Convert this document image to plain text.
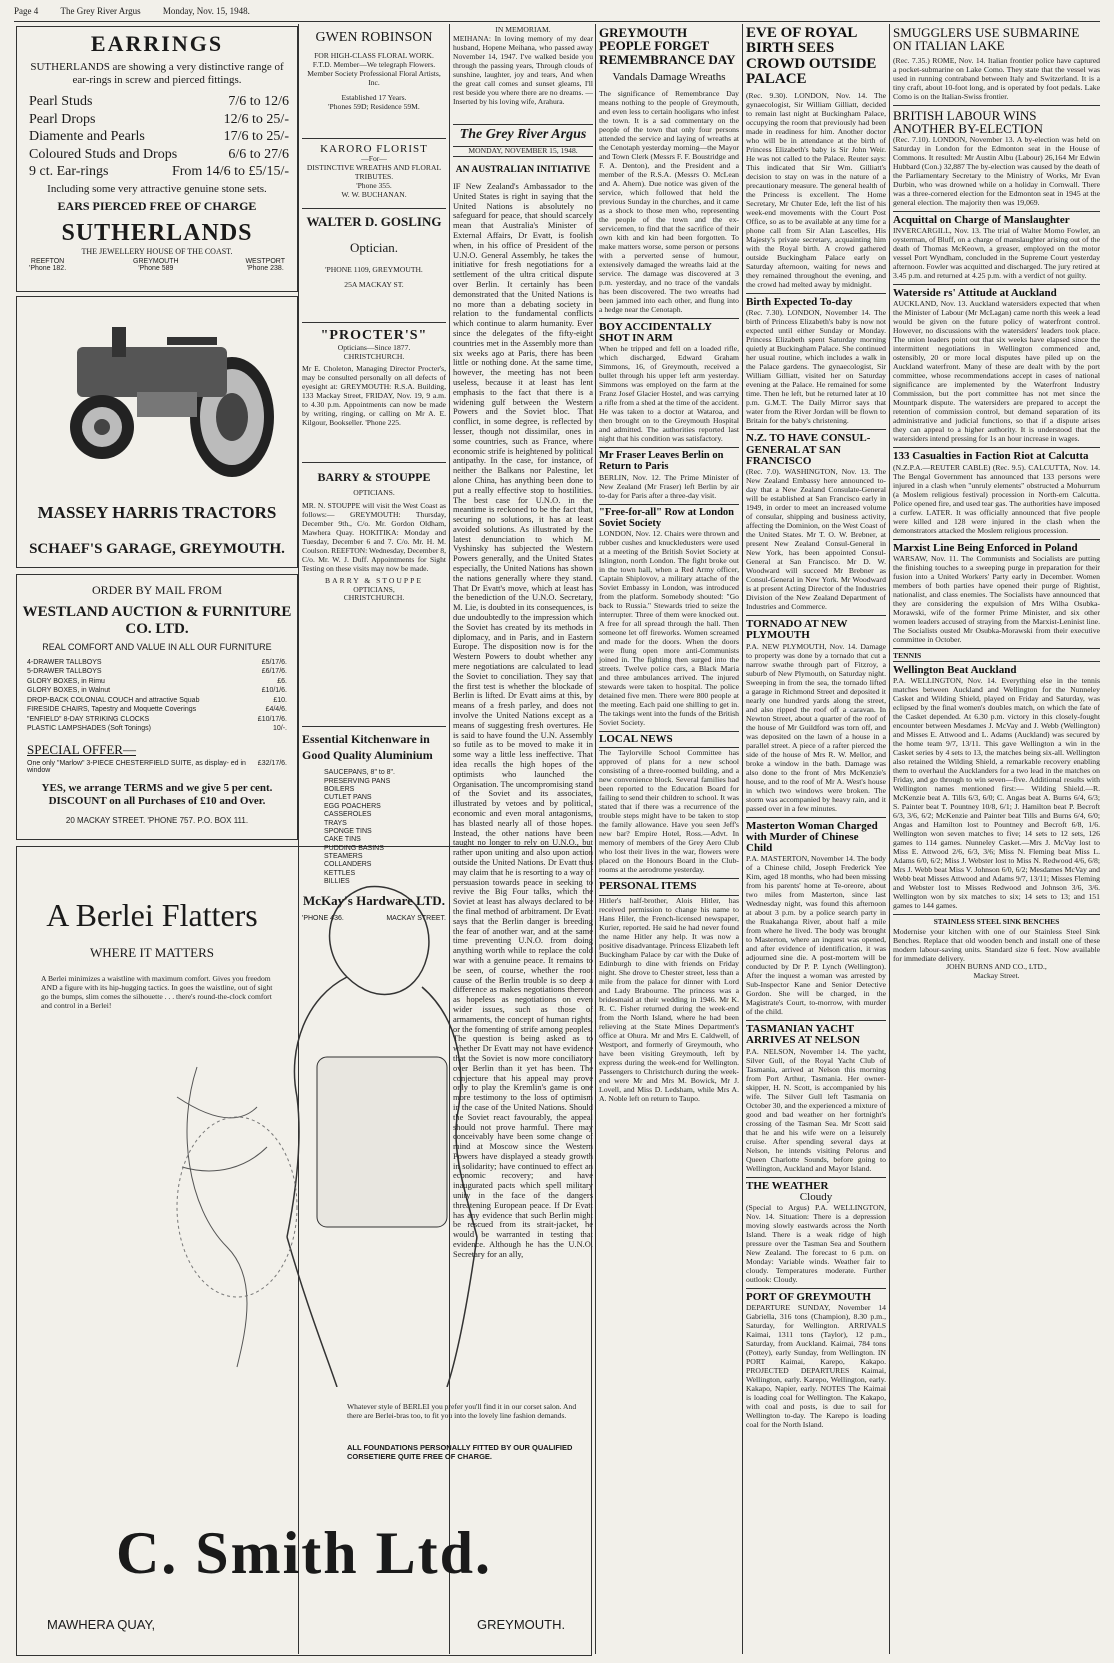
Page 4 The Grey River Argus Monday, Nov. 15, 1948.
EARRINGS
SUTHERLANDS are showing a very distinctive range of ear-rings in screw and pierced fittings.
Pearl Studs	7/6 to 12/6
Pearl Drops	12/6 to 25/-
Diamente and Pearls	17/6 to 25/-
Coloured Studs and Drops	6/6 to 27/6
9 ct. Ear-rings	From 14/6 to £5/15/-
Including some very attractive genuine stone sets.
EARS PIERCED FREE OF CHARGE
SUTHERLANDS
THE JEWELLERY HOUSE OF THE COAST.
REEFTON
'Phone 182.
GREYMOUTH
'Phone 589
WESTPORT
'Phone 238.
MASSEY HARRIS TRACTORS
SCHAEF'S GARAGE, GREYMOUTH.
ORDER BY MAIL FROM
WESTLAND AUCTION & FURNITURE CO. LTD.
REAL COMFORT AND VALUE IN ALL OUR FURNITURE
4-DRAWER TALLBOYS	£5/17/6.
5-DRAWER TALLBOYS	£6/17/6.
GLORY BOXES, in Rimu	£6.
GLORY BOXES, in Walnut	£10/1/6.
DROP-BACK COLONIAL COUCH and attractive Squab	£10.
FIRESIDE CHAIRS, Tapestry and Moquette Coverings	£4/4/6.
"ENFIELD" 8-DAY STRIKING CLOCKS	£10/17/6.
PLASTIC LAMPSHADES (Soft Tonings)	10/-.
SPECIAL OFFER—
One only "Marlow" 3-PIECE CHESTERFIELD SUITE, as display- ed in window
£32/17/6.
YES, we arrange TERMS and we give 5 per cent. DISCOUNT on all Purchases of £10 and Over.
20 MACKAY STREET. 'PHONE 757. P.O. BOX 111.
A Berlei Flatters
WHERE IT MATTERS
A Berlei minimizes a waistline with maximum comfort. Gives you freedom AND a figure with its hip-hugging tactics. In goes the waistline, out of sight go the bumps, slim comes the silhouette . . . there's round-the-clock comfort and control in a Berlei!
Whatever style of BERLEI you prefer you'll find it in our corset salon. And there are Berlei-bras too, to fit you into the lovely line fashion demands.
ALL FOUNDATIONS PERSONALLY FITTED BY OUR QUALIFIED CORSETIERE QUITE FREE OF CHARGE.
C. Smith Ltd.
MAWHERA QUAY,	GREYMOUTH.
GWEN ROBINSON
FOR HIGH-CLASS FLORAL WORK.
F.T.D. Member—We telegraph Flowers.
Member Society Professional Floral Artists, Inc.
Established 17 Years.
'Phones 59D; Residence 59M.
KARORO FLORIST
—For—
DISTINCTIVE WREATHS AND FLORAL TRIBUTES.
'Phone 355.
W. W. BUCHANAN.
WALTER D. GOSLING
Optician.
'PHONE 1109, GREYMOUTH.
25A MACKAY ST.
"PROCTER'S"
Opticians—Since 1877.
CHRISTCHURCH.
Mr E. Choleton, Managing Director Procter's, may be consulted personally on all defects of eyesight at: GREYMOUTH: R.S.A. Building, 133 Mackay Street, FRIDAY, Nov. 19, 9 a.m. to 4.30 p.m. Appointments can now be made by writing, ringing, or calling on Mr A. E. Kilgour, Bookseller. 'Phone 225.
BARRY & STOUPPE
OPTICIANS.
MR. N. STOUPPE will visit the West Coast as follows:— GREYMOUTH: Thursday, December 9th., C/o. Mr. Gordon Oldham, Mawhera Quay. HOKITIKA: Monday and Tuesday, December 6 and 7. C/o. Mr. H. M. Coulson. REEFTON: Wednesday, December 8, C/o. Mr. W. J. Duff. Appointments for Sight Testing on these visits may now be made.
BARRY & STOUPPE
OPTICIANS,
CHRISTCHURCH.
Essential Kitchenware in Good Quality Aluminium
SAUCEPANS, 8" to 8".
PRESERVING PANS
BOILERS
CUTLET PANS
EGG POACHERS
CASSEROLES
TRAYS
SPONGE TINS
CAKE TINS
PUDDING BASINS
STEAMERS
COLLANDERS
KETTLES
BILLIES
McKay's Hardware LTD.
'PHONE 436.	MACKAY STREET.
IN MEMORIAM.
MEIHANA: In loving memory of my dear husband, Hopene Meihana, who passed away November 14, 1947. I've walked beside you through the passing years, Through clouds of sunshine, laughter, joy and tears, And when the great call comes and sunset gleams, I'll rest beside you where there are no dreams. —Inserted by his loving wife, Arahura.
The Grey River Argus
MONDAY, NOVEMBER 15, 1948.
AN AUSTRALIAN INITIATIVE
IF New Zealand's Ambassador to the United States is right in saying that the United Nations is absolutely no safeguard for peace, that should scarcely mean that Australia's Minister of External Affairs, Dr Evatt, is foolish when, in his office of President of the U.N.O. General Assembly, he takes the initiative for fresh negotiations for a settlement of the ultra critical dispute over Berlin. It certainly has been demonstrated that the United Nations is no more than a debating society in relation to the fundamental conflicts which continue to alarm humanity. Ever since the delegates of the fifty-eight countries met in the Assembly more than six weeks ago at Paris, there has been little or nothing done. At the same time, however, the meeting has not been useless, because it at least has lent emphasis to the fact that there is a widening gulf between the Western Powers and the Soviet bloc. That conflict, in some degree, is reflected by lesser, though not dissimilar, ones in some countries, such as France, where economic strife is heightened by political antipathy. In the case, for instance, of neither the Balkans nor Palestine, let alone China, has anything been done to put a really effective stop to hostilities. The best case for U.N.O. in the meantime is reckoned to be the fact that, securing no solutions, it has at least avoided solutions. As illustrated by the latest denunciation to which M. Vyshinsky has subjected the Western Powers generally, and the United States especially, the United Nations has shown the nations generally where they stand. That Dr Evatt's move, which at least has the benediction of the U.N.O. Secretary, M. Lie, is doubted in its consequences, is due undoubtedly to the impression which the Soviet has created by its methods in diplomacy, and in Paris, and in Eastern Europe. The disposition now is for the Western Powers to doubt whether any mere negotiations are calculated to lead the Soviet to conciliation. They say that the first test is whether the blockade of Berlin is lifted. Dr Evatt aims at this, by means of a fresh parley, and does not involve the United Nations except as a means of suggesting fresh overtures. He is said to have found the U.N. Assembly so futile as to be moved to make it in some way a little less ineffective. That idea recalls the high hopes of the optimists who launched the Organisation. The uncompromising stand of the Soviet and its associates, illustrated by vetoes and by political, economic and even moral antagonisms, has blasted nearly all of those hopes. Instead, the other nations have been taught no longer to rely on U.N.O., but rather upon uniting and also upon action outside the United Nations. Dr Evatt thus may claim that he is resorting to a way of persuasion towards peace in seeking to revive the Big Four talks, which the Soviet at least has always declared to be the final method of arbitrament. Dr Evatt says that the Berlin danger is breeding the fear of another war, and at the same time preventing U.N.O. from doing anything worth while to replace the cold war with a genuine peace. It remains to be seen, of course, whether the root cause of the Berlin trouble is so deep a difference as makes negotiations thereon as hopeless as negotiations on even wider issues, such as those of armaments, the concept of human rights, or the fomenting of strife among peoples. The question is being asked as to whether Dr Evatt may not have evidence that the Soviet is now more conciliatory over Berlin than it yet has been. The conjecture that his appeal may prove only to play the Kremlin's game is one more testimony to the loss of optimism in the case of the United Nations. Should the Soviet react favourably, the appeal should not prove harmful. There may conceivably have been some change of mind at Moscow since the Western Powers have displayed a steady growth in solidarity; have continued to effect an economic recovery; and have inaugurated pacts which spell military unity in the face of the dangers threatening European peace. If Dr Evatt has any evidence that such Berlin might be rescued from its strait-jacket, he would be warranted in testing that evidence. Although he has the U.N.O. Secretary for an ally,
GREYMOUTH PEOPLE FORGET REMEMBRANCE DAY
Vandals Damage Wreaths
The significance of Remembrance Day means nothing to the people of Greymouth, and even less to certain hooligans who infest the town. It is a sad commentary on the people of the town that only four persons attended the service and laying of wreaths at the Cenotaph yesterday morning—the Mayor and Town Clerk (Messrs F. F. Boustridge and F. A. Denton), and the President and a member of the R.S.A. (Messrs O. McLean and A. Ahern). Due notice was given of the service, which followed that held the previous Sunday in the churches, and it came as a shock to those men who, representing the people of the town and the ex-servicemen, to find that the sacrifice of their own kith and kin had been forgotten. To make matters worse, some person or persons with a perverted sense of humour, extensively damaged the wreaths laid at the service. The damage was discovered at 3 p.m. yesterday, and no trace of the vandals has been discovered. The two wreaths had been jammed into each other, and flung into a hedge near the Cenotaph.
BOY ACCIDENTALLY SHOT IN ARM
When he tripped and fell on a loaded rifle, which discharged, Edward Graham Simmons, 16, of Greymouth, received a bullet through his upper left arm yesterday. Simmons was employed on the farm at the Franz Josef Glacier Hostel, and was carrying a rifle from a shed at the time of the accident. He was taken to a doctor at Wataroa, and then brought on to the Greymouth Hospital and admitted. The authorities reported last night that his condition was satisfactory.
Mr Fraser Leaves Berlin on Return to Paris
BERLIN, Nov. 12. The Prime Minister of New Zealand (Mr Fraser) left Berlin by air to-day for Paris after a three-day visit.
"Free-for-all" Row at London Soviet Society
LONDON, Nov. 12. Chairs were thrown and rubber cushes and knuckledusters were used at a meeting of the British Soviet Society at Islington, north London. The fight broke out in the town hall, when a Red Army officer, Captain Shiplovov, a military attache of the Soviet Embassy in London, was introduced from the platform. Somebody shouted: "Go back to Russia." Stewards tried to seize the interrupter. Three of them were knocked out. A free for all spread through the hall. Then someone let off fireworks. Women screamed and made for the doors. When the doors were flung open more anti-Communists joined in. The fighting then surged into the streets. Twelve police cars, a Black Maria and three ambulances arrived. The injured stewards were taken to hospital. The police detained five men. There were 800 people at the meeting. Each paid one shilling to get in. The takings went into the funds of the British Soviet Society.
LOCAL NEWS
The Taylorville School Committee has approved of plans for a new school consisting of a three-roomed building, and a new convenience block. Several families had been reported to the Education Board for failing to send their children to school. It was stated that if there was a recurrence of the trouble steps might have to be taken to stop the family allowance. Have you seen Jeff's new bar? Empire Hotel, Ross.—Advt. In memory of members of the Grey Aero Club who lost their lives in the war, flowers were placed on the Honours Board in the Club-rooms at the aerodrome yesterday.
PERSONAL ITEMS
Hitler's half-brother, Alois Hitler, has received permission to change his name to Hans Hiler, the French-licensed newspaper, Kurier, reported. He said he had never found the name Hitler any help. It was now a positive disadvantage. Princess Elizabeth left Buckingham Palace by car with the Duke of Edinburgh to dine with friends on Friday night. She drove to Chester street, less than a mile from the palace for dinner with Lord and Lady Brabourne. The princess was a bridesmaid at their wedding in 1946. Mr K. R. C. Fisher returned during the week-end from the North Island, where he had been relieving at the State Mines Department's office at Ohura. Mr and Mrs E. Caldwell, of Westport, and formerly of Greymouth, who have been visiting Greymouth, left by express during the week-end for Wellington. Passengers to Christchurch during the week-end were Mr and Mrs M. Bowick, Mr J. Lovell, and Miss D. Ledsham, while Mrs A. A. Noble left on return to Taupo.
EVE OF ROYAL BIRTH SEES CROWD OUTSIDE PALACE
(Rec. 9.30). LONDON, Nov. 14. The gynaecologist, Sir William Gilliatt, decided to remain last night at Buckingham Palace, occupying the room that previously had been made in readiness for him. Another doctor who will be in attendance at the birth of Princess Elizabeth's baby is Sir John Weir. He was not called to the Palace. Reuter says: This indicated that Sir Wm. Gilliatt's decision to stay on was in the nature of a precautionary measure. The general health of the Princess is excellent. The Home Secretary, Mr Chuter Ede, left the list of his week-end movements with the Court Post Office, so as to be available at any time for a phone call from Sir Alan Lascelles, His Majesty's private secretary, acquainting him with the Royal birth. A crowd gathered outside Buckingham Palace early on Saturday afternoon, waiting for news and they remained throughout the evening, and the crowd had melted away by midnight.
Birth Expected To-day
(Rec. 7.30). LONDON, November 14. The birth of Princess Elizabeth's baby is now not expected until either Sunday or Monday. Princess Elizabeth spent Saturday morning quietly at Buckingham Palace. She continued her usual routine, which includes a walk in the Palace gardens. The gynaecologist, Sir William Gilliatt, visited her on Saturday evening at the Palace. He remained for some time. Then he left, but he returned later at 10 p.m. G.M.T. The Daily Mirror says that water from the River Jordan will be flown to Britain for the baby's christening.
N.Z. TO HAVE CONSUL-GENERAL AT SAN FRANCISCO
(Rec. 7.0). WASHINGTON, Nov. 13. The New Zealand Embassy here announced to-day that a New Zealand Consulate-General will be established at San Francisco early in 1949, in order to meet an increased volume of consular, shipping and business activity, affecting the Dominion, on the West Coast of the United States. Mr T. O. W. Brebner, at present New Zealand Consul-General in New York, has been appointed Consul-General at San Francisco. Mr D. W. Woodward will succeed Mr Brebner as Consul-General in New York. Mr Woodward is at present Acting Director of the Industries Division of the New Zealand Department of Industries and Commerce.
TORNADO AT NEW PLYMOUTH
P.A. NEW PLYMOUTH, Nov. 14. Damage to property was done by a tornado that cut a narrow swathe through part of Fitzroy, a suburb of New Plymouth, on Saturday night. Sweeping in from the sea, the tornado lifted a garage in Richmond Street and deposited it nearly one hundred yards along the street, and also ripped the roof off a caravan. In Newton Street, about a quarter of the roof of the house of Mr Guildford was torn off, and was deposited on the lawn of a house in a parallel street. A piece of a rafter pierced the side of the house of Mrs R. W. Mellor, and broke a window in the bath. Damage was also done to the front of Mrs McKenzie's house, and to the roof of Mr A. West's house in which two windows were broken. The storm was accompanied by heavy rain, and it passed over in a few minutes.
Masterton Woman Charged with Murder of Chinese Child
P.A. MASTERTON, November 14. The body of a Chinese child, Joseph Frederick Yee Kim, aged 18 months, who had been missing from his parents' home at Te-oreore, about two miles from Masterton, since last Wednesday night, was found this afternoon at about 3 p.m. by a police search party in the Ruakahanga River, about half a mile from where he lived. The body was brought to Masterton, where an inquest was opened, and after evidence of identification, it was adjourned sine die. A post-mortem will be conducted by Dr P. P. Lynch (Wellington). After the inquest a woman was arrested by Sub-Inspector Kane and Senior Detective Gordon. She will be charged, in the Magistrate's Court, to-morrow, with murder of the child.
TASMANIAN YACHT ARRIVES AT NELSON
P.A. NELSON, November 14. The yacht, Silver Gull, of the Royal Yacht Club of Tasmania, arrived at Nelson this morning from Port Arthur, Tasmania. Her owner-skipper, H. N. Scott, is accompanied by his wife. The Silver Gull left Tasmania on October 30, and the experienced a mixture of good and bad weather on her fortnight's crossing of the Tasman Sea. Mr Scott said that he and his wife were on a leisurely cruise. After spending several days at Nelson, he intends visiting Pelorus and Queen Charlotte Sounds, before going to Wellington, Auckland and Mayor Island.
THE WEATHER
Cloudy
(Special to Argus) P.A. WELLINGTON, Nov. 14. Situation: There is a depression moving slowly eastwards across the North Island. There is a weak ridge of high pressure over the Tasman Sea and Southern New Zealand. The forecast to 6 p.m. on Monday: Variable winds. Weather fair to cloudy. Temperatures moderate. Further outlook: Cloudy.
PORT OF GREYMOUTH
DEPARTURE SUNDAY, November 14 Gabriella, 316 tons (Champion), 8.30 p.m., Saturday, for Wellington. ARRIVALS Kaimai, 1311 tons (Taylor), 12 p.m., Saturday, from Auckland. Kaimai, 784 tons (Pottey), early Sunday, from Wellington. IN PORT Kaimai, Karepo, Kakapo. PROJECTED DEPARTURES Kaimai, Wellington, early. Karepo, Wellington, early. Kakapo, Napier, early. NOTES The Kaimai is loading coal for Wellington. The Kakapo, with coal and posts, is due to sail for Wellington to-day. The Karepo is loading coal for the North Island.
SMUGGLERS USE SUBMARINE ON ITALIAN LAKE
(Rec. 7.35.) ROME, Nov. 14. Italian frontier police have captured a pocket-submarine on Lake Como. They state that the vessel was used in running contraband between Italy and Switzerland. It is a tiny craft, about 10-foot long, and is operated by foot pedals. Lake Como is on the Italian-Swiss frontier.
BRITISH LABOUR WINS ANOTHER BY-ELECTION
(Rec. 7.10). LONDON, November 13. A by-election was held on Saturday in London for the Edmonton seat in the House of Commons. It resulted: Mr Austin Albu (Labour) 26,164 Mr Edwin Hubbard (Con.) 32,887 The by-election was caused by the death of the Parliamentary Secretary to the Ministry of Works, Mr Evan Durbin, who was drowned while on a holiday in Cornwall. There was a three-cornered election for the Edmonton seat in 1945 at the general election. The majority then was 19,069.
Acquittal on Charge of Manslaughter
INVERCARGILL, Nov. 13. The trial of Walter Momo Fowler, an oysterman, of Bluff, on a charge of manslaughter arising out of the death of Thomas McKeown, a greaser, employed on the motor vessel Port Wyndham, concluded in the Supreme Court yesterday afternoon. Fowler was acquitted and discharged. The jury retired at 3.45 p.m. and returned at 4.25 p.m. with a verdict of not guilty.
Waterside rs' Attitude at Auckland
AUCKLAND, Nov. 13. Auckland watersiders expected that when the Minister of Labour (Mr McLagan) came north this week a lead would be given on the future policy of waterfront control. However, no discussions with the watersiders' leaders took place. The union leaders point out that six weeks have elapsed since the intermittent negotiations in Wellington commenced and, ostensibly, 20 or more local disputes have piled up on the Auckland waterfront. Many of these are dealt with by the port committee, whose recommendations accept in cases of national significance are implemented by the Waterfront Industry Commission, but the port committee has not met since the Mountpark dispute. The watersiders are prepared to accept the retention of commission control, but demand separation of its administrative and judicial functions, so that if a dispute arises they can appeal to a higher authority. It is understood that the watersiders intend pressing for 1s an hour increase in wages.
133 Casualties in Faction Riot at Calcutta
(N.Z.P.A.—REUTER CABLE) (Rec. 9.5). CALCUTTA, Nov. 14. The Bengal Government has announced that 133 persons were injured in a clash when "unruly elements" obstructed a Mohurrum (a Moslem religious festival) procession in North-ern Calcutta. Police opened fire, and used tear gas. The authorities have imposed a curfew. LATER. It was officially announced that five people were killed and 128 were injured in the clash when the demonstrators attacked the Moslem religious procession.
Marxist Line Being Enforced in Poland
WARSAW, Nov. 11. The Communists and Socialists are putting the finishing touches to a sweeping purge in preparation for their fusion into a United Workers' Party early in December. Women members of both parties have opened their purge of Rightist, nationalist, and class enemies. The Socialists have announced that they are considering the expulsion of Mrs Wilha Osubka-Morawski, wife of the former Prime Minister, and six other women leaders accused of straying from the Marxist-Leninist line. The Socialists ousted Mr Osubka-Morawski from their executive committee in October.
TENNIS
Wellington Beat Auckland
P.A. WELLINGTON, Nov. 14. Everything else in the tennis matches between Auckland and Wellington for the Nunneley Casket and Wilding Shield, played on Friday and Saturday, was eclipsed by the final women's doubles match, on which the fate of the Casket depended. At 6.30 p.m. victory in this closely-fought encounter between Mesdames J. McVay and J. Webb (Wellington) and Misses E. Attwood and L. Adams (Auckland) was secured by the home team 9/7, 13/11. This gave Wellington a win in the Casket series by 4 sets to 13, the matches being six-all. Wellington also retained the Wilding Shield, a remarkable recovery enabling them to overhaul the Aucklanders for a two lead in the matches on Friday, and go through to win seven—five. Additional results with Wellington names mentioned first:— Wilding Shield.—R. McKenzie beat A. Tills 6/3, 6/0; C. Angas beat A. Burns 6/4, 6/3; S. Painter beat T. Pountney 10/8, 6/1; J. Hamilton beat P. Becroft 6/3, 3/6, 6/2; McKenzie and Painter beat Tills and Burns 6/4, 6/0; Angas and Hamilton lost to Pountney and Becroft 6/8, 1/6. Wellington won seven matches to five; 14 sets to 12 sets, 126 games to 114 games. Nunneley Casket.—Mrs J. McVay lost to Miss E. Attwood 2/6, 6/3, 3/6; Miss N. Fleming beat Miss L. Adams 6/0, 6/2; Miss J. Webster lost to Miss N. Redwood 4/6, 6/8; Mrs J. Webb beat Miss V. Johnson 6/0, 6/2; Mesdames McVay and Webb beat Misses Attwood and Adams 9/7, 13/11; Misses Fleming and Webster lost to Misses Redwood and Johnson 3/6, 3/6. Wellington won by six matches to six; 14 sets to 13; and 151 games to 144 games.
STAINLESS STEEL SINK BENCHES
Modernise your kitchen with one of our Stainless Steel Sink Benches. Replace that old wooden bench and install one of these modern labour-saving units. Standard size 6 feet. Now available for immediate delivery.
JOHN BURNS AND CO., LTD.,
Mackay Street.
